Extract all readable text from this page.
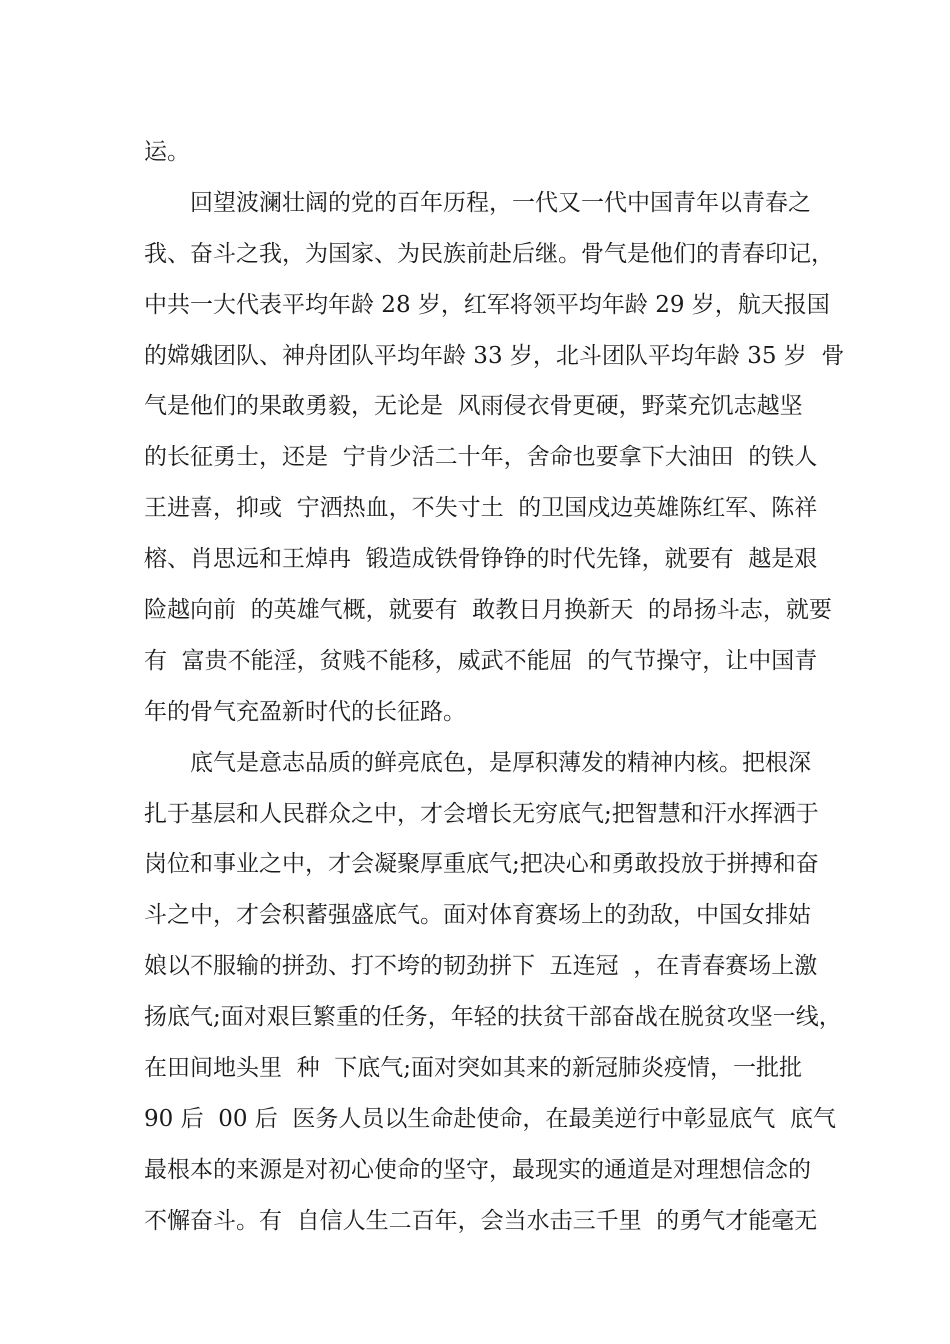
运。
回望波澜壮阔的党的百年历程，一代又一代中国青年以青春之
我、奋斗之我，为国家、为民族前赴后继。骨气是他们的青春印记，
中共一大代表平均年龄 28 岁，红军将领平均年龄 29 岁，航天报国
的嫦娥团队、神舟团队平均年龄 33 岁，北斗团队平均年龄 35 岁  骨
气是他们的果敢勇毅，无论是  风雨侵衣骨更硬，野菜充饥志越坚
的长征勇士，还是  宁肯少活二十年，舍命也要拿下大油田  的铁人
王进喜，抑或  宁洒热血，不失寸土  的卫国戍边英雄陈红军、陈祥
榕、肖思远和王焯冉  锻造成铁骨铮铮的时代先锋，就要有  越是艰
险越向前  的英雄气概，就要有  敢教日月换新天  的昂扬斗志，就要
有  富贵不能淫，贫贱不能移，威武不能屈  的气节操守，让中国青
年的骨气充盈新时代的长征路。
底气是意志品质的鲜亮底色，是厚积薄发的精神内核。把根深
扎于基层和人民群众之中，才会增长无穷底气;把智慧和汗水挥洒于
岗位和事业之中，才会凝聚厚重底气;把决心和勇敢投放于拼搏和奋
斗之中，才会积蓄强盛底气。面对体育赛场上的劲敌，中国女排姑
娘以不服输的拼劲、打不垮的韧劲拼下  五连冠  ，在青春赛场上激
扬底气;面对艰巨繁重的任务，年轻的扶贫干部奋战在脱贫攻坚一线，
在田间地头里  种  下底气;面对突如其来的新冠肺炎疫情，一批批
90 后  00 后  医务人员以生命赴使命，在最美逆行中彰显底气  底气
最根本的来源是对初心使命的坚守，最现实的通道是对理想信念的
不懈奋斗。有  自信人生二百年，会当水击三千里  的勇气才能毫无
